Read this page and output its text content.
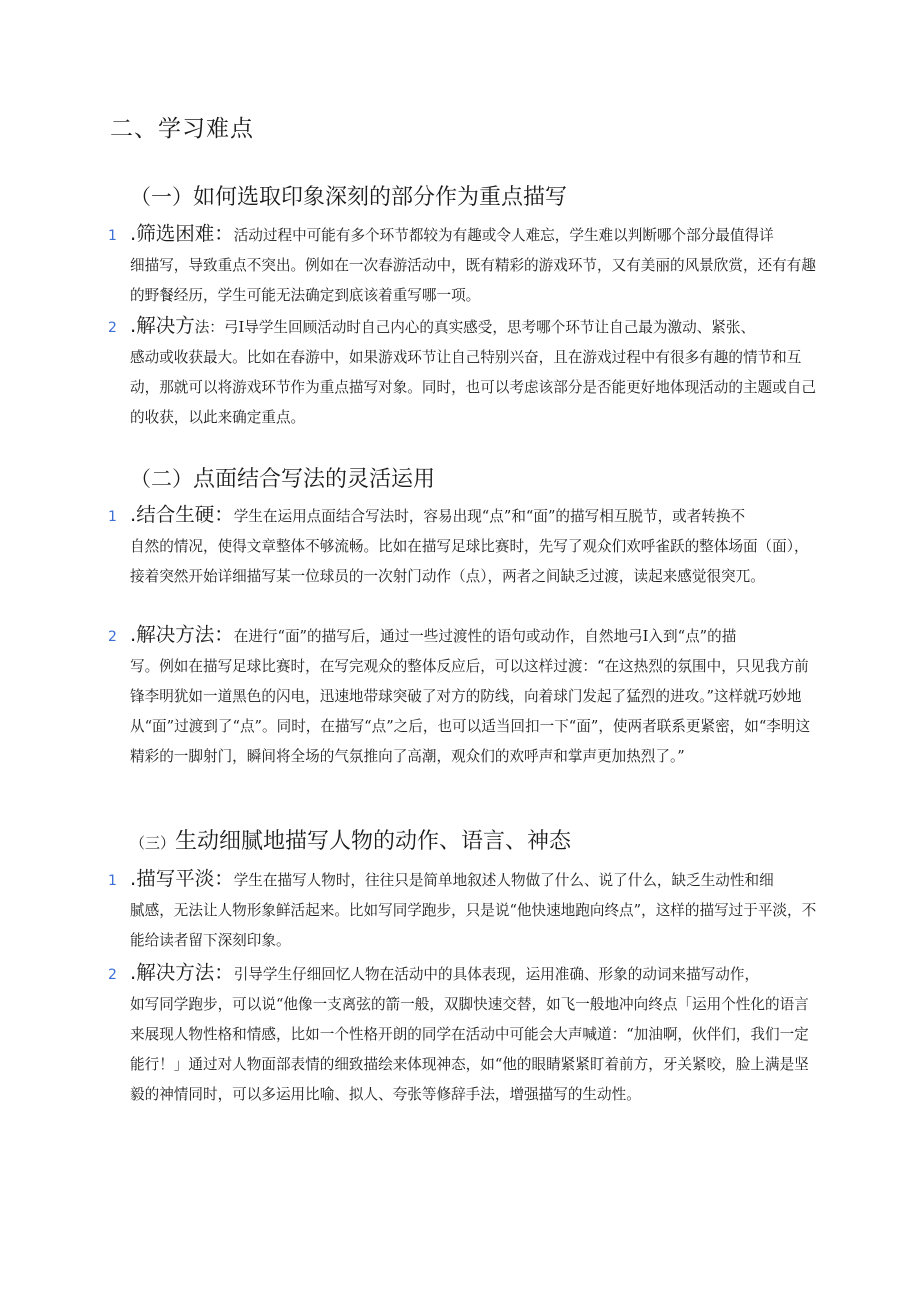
二、学习难点
（一）如何选取印象深刻的部分作为重点描写

1 .筛选困难：活动过程中可能有多个环节都较为有趣或令人难忘，学生难以判断哪个部分最值得详
细描写，导致重点不突出。例如在一次春游活动中，既有精彩的游戏环节，又有美丽的风景欣赏，还有有趣的野餐经历，学生可能无法确定到底该着重写哪一项。

2 .解决方法：弓I导学生回顾活动时自己内心的真实感受，思考哪个环节让自己最为激动、紧张、
感动或收获最大。比如在春游中，如果游戏环节让自己特别兴奋，且在游戏过程中有很多有趣的情节和互动，那就可以将游戏环节作为重点描写对象。同时，也可以考虑该部分是否能更好地体现活动的主题或自己的收获，以此来确定重点。

（二）点面结合写法的灵活运用

1 .结合生硬：学生在运用点面结合写法时，容易出现“点”和“面”的描写相互脱节，或者转换不
自然的情况，使得文章整体不够流畅。比如在描写足球比赛时，先写了观众们欢呼雀跃的整体场面（面），接着突然开始详细描写某一位球员的一次射门动作（点），两者之间缺乏过渡，读起来感觉很突兀。

2 .解决方法：在进行“面”的描写后，通过一些过渡性的语句或动作，自然地弓I入到“点”的描
写。例如在描写足球比赛时，在写完观众的整体反应后，可以这样过渡：“在这热烈的氛围中，只见我方前锋李明犹如一道黑色的闪电，迅速地带球突破了对方的防线，向着球门发起了猛烈的进攻。”这样就巧妙地从“面”过渡到了“点”。同时，在描写“点”之后，也可以适当回扣一下“面”，使两者联系更紧密，如“李明这精彩的一脚射门，瞬间将全场的气氛推向了高潮，观众们的欢呼声和掌声更加热烈了。”

（三）生动细腻地描写人物的动作、语言、神态

1 .描写平淡：学生在描写人物时，往往只是简单地叙述人物做了什么、说了什么，缺乏生动性和细
腻感，无法让人物形象鲜活起来。比如写同学跑步，只是说“他快速地跑向终点”，这样的描写过于平淡，不能给读者留下深刻印象。

2 .解决方法：引导学生仔细回忆人物在活动中的具体表现，运用准确、形象的动词来描写动作，
如写同学跑步，可以说“他像一支离弦的箭一般，双脚快速交替，如飞一般地冲向终点「运用个性化的语言来展现人物性格和情感，比如一个性格开朗的同学在活动中可能会大声喊道：“加油啊，伙伴们，我们一定能行！」通过对人物面部表情的细致描绘来体现神态，如“他的眼睛紧紧盯着前方，牙关紧咬，脸上满是坚毅的神情同时，可以多运用比喻、拟人、夸张等修辞手法，增强描写的生动性。
